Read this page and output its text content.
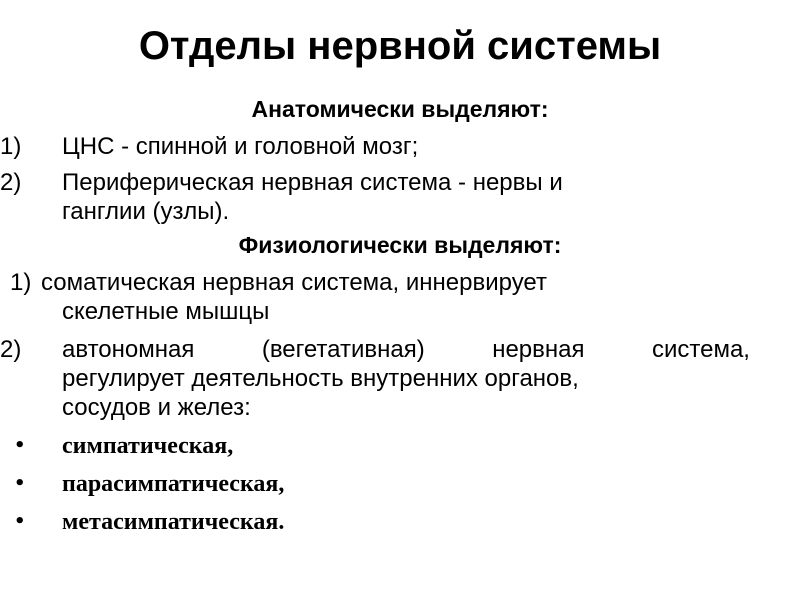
Отделы нервной системы
Анатомически выделяют:
1) ЦНС - спинной и головной мозг;
2) Периферическая нервная система - нервы и
ганглии (узлы).
Физиологически выделяют:
1) соматическая нервная система, иннервирует
скелетные мышцы
2) автономная	(вегетативная)	нервная	система,
регулирует деятельность внутренних органов,
сосудов и желез:
• симпатическая,
• парасимпатическая,
• метасимпатическая.
